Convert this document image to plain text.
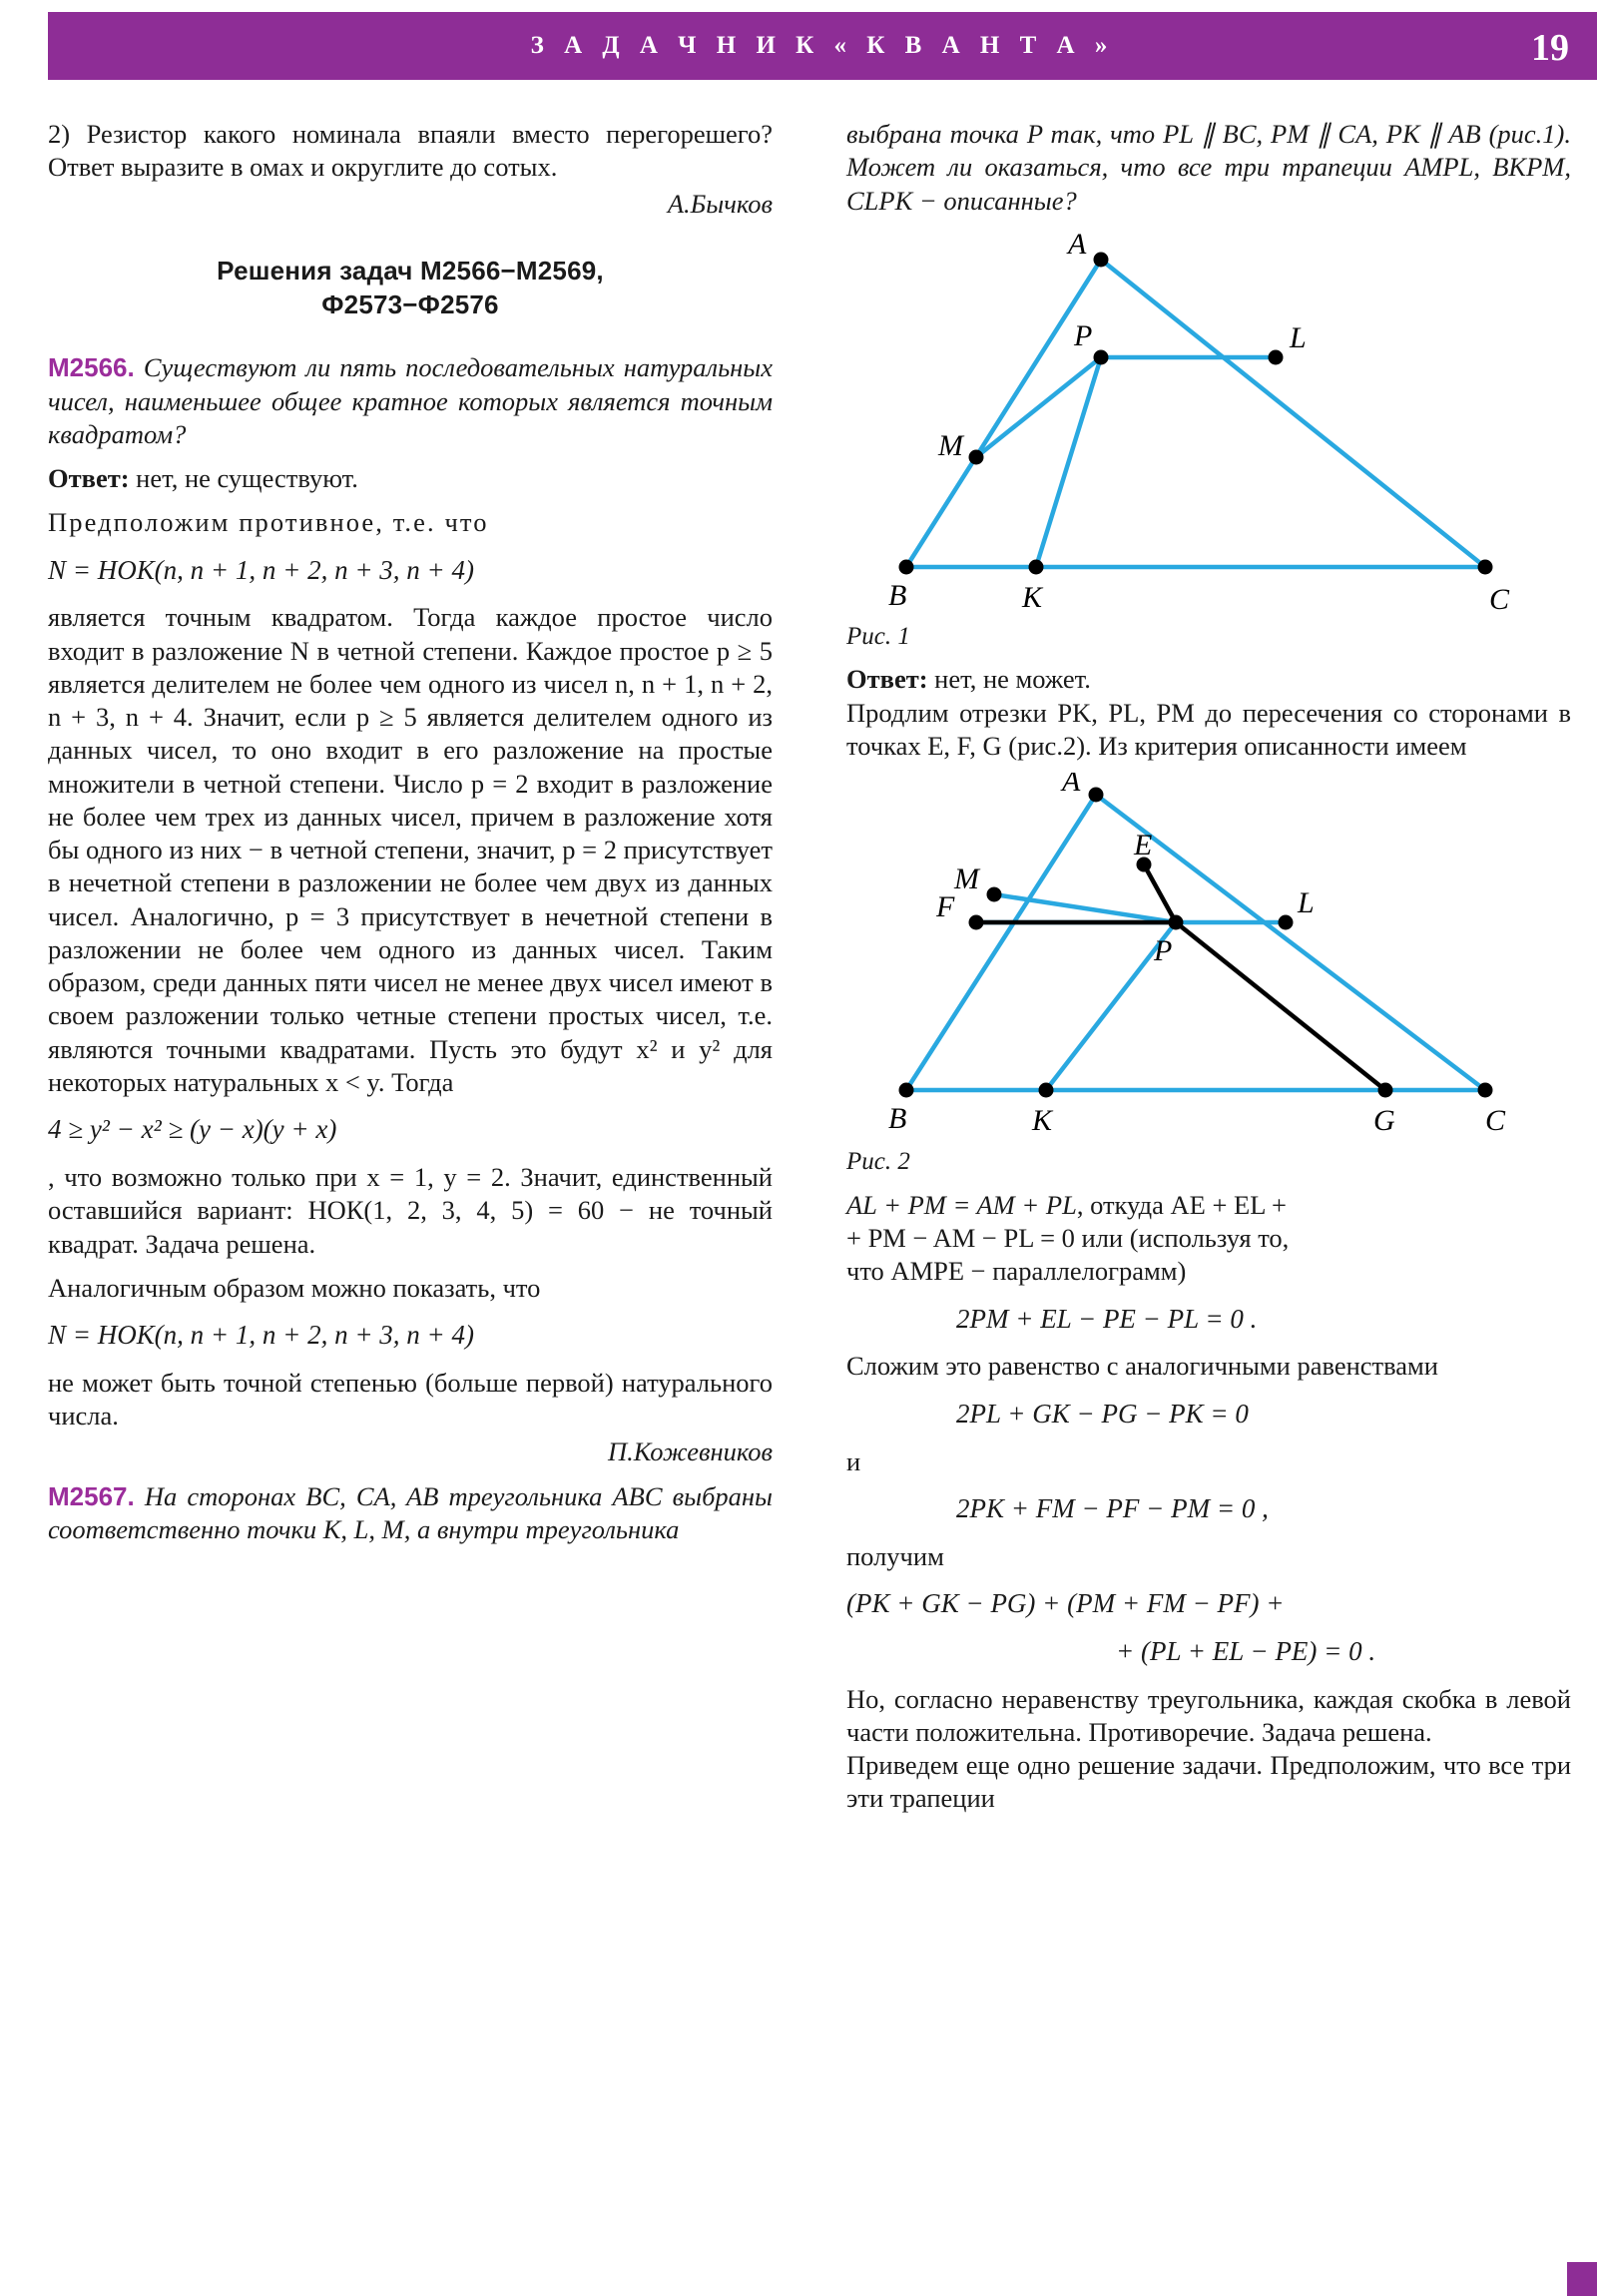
З А Д А Ч Н И К « К В А Н Т А »	19

2) Резистор какого номинала впаяли вместо перегорешего? Ответ выразите в омах и округлите до сотых.

А.Бычков

Решения задач М2566−М2569,
Ф2573−Ф2576

M2566. Существуют ли пять последовательных натуральных чисел, наименьшее общее кратное которых является точным квадратом?

Ответ: нет, не существуют.

Предположим противное, т.е. что

N = НОК(n, n + 1, n + 2, n + 3, n + 4)

является точным квадратом. Тогда каждое простое число входит в разложение N в четной степени. Каждое простое p ≥ 5 является делителем не более чем одного из чисел n, n + 1, n + 2, n + 3, n + 4. Значит, если p ≥ 5 является делителем одного из данных чисел, то оно входит в его разложение на простые множители в четной степени. Число p = 2 входит в разложение не более чем трех из данных чисел, причем в разложение хотя бы одного из них − в четной степени, значит, p = 2 присутствует в нечетной степени в разложении не более чем двух из данных чисел. Аналогично, p = 3 присутствует в нечетной степени в разложении не более чем одного из данных чисел. Таким образом, среди данных пяти чисел не менее двух чисел имеют в своем разложении только четные степени простых чисел, т.е. являются точными квадратами. Пусть это будут x² и y² для некоторых натуральных x < y. Тогда

4 ≥ y² − x² ≥ (y − x)(y + x)

, что возможно только при x = 1, y = 2. Значит, единственный оставшийся вариант: НОК(1, 2, 3, 4, 5) = 60 − не точный квадрат. Задача решена.

Аналогичным образом можно показать, что

N = НОК(n, n + 1, n + 2, n + 3, n + 4)

не может быть точной степенью (больше первой) натурального числа.

П.Кожевников

M2567. На сторонах BC, CA, AB треугольника ABC выбраны соответственно точки K, L, M, а внутри треугольника

выбрана точка P так, что PL ∥ BC, PM ∥ CA, PK ∥ AB (рис.1). Может ли оказаться, что все три трапеции AMPL, BKPM, CLPK − описанные?

A
M
P	L
B	K	C
Рис. 1

Ответ: нет, не может.

Продлим отрезки PK, PL, PM до пересечения со сторонами в точках E, F, G (рис.2). Из критерия описанности имеем

A
M
E
F
P
L
B	K	G	C
Рис. 2

AL + PM = AM + PL, откуда AE + EL +

+ PM − AM − PL = 0 или (используя то,

что AMPE − параллелограмм)

2PM + EL − PE − PL = 0 .

Сложим это равенство с аналогичными равенствами

2PL + GK − PG − PK = 0

и

2PK + FM − PF − PM = 0 ,

получим

(PK + GK − PG) + (PM + FM − PF) +

+ (PL + EL − PE) = 0 .

Но, согласно неравенству треугольника, каждая скобка в левой части положительна. Противоречие. Задача решена.

Приведем еще одно решение задачи. Предположим, что все три эти трапеции
